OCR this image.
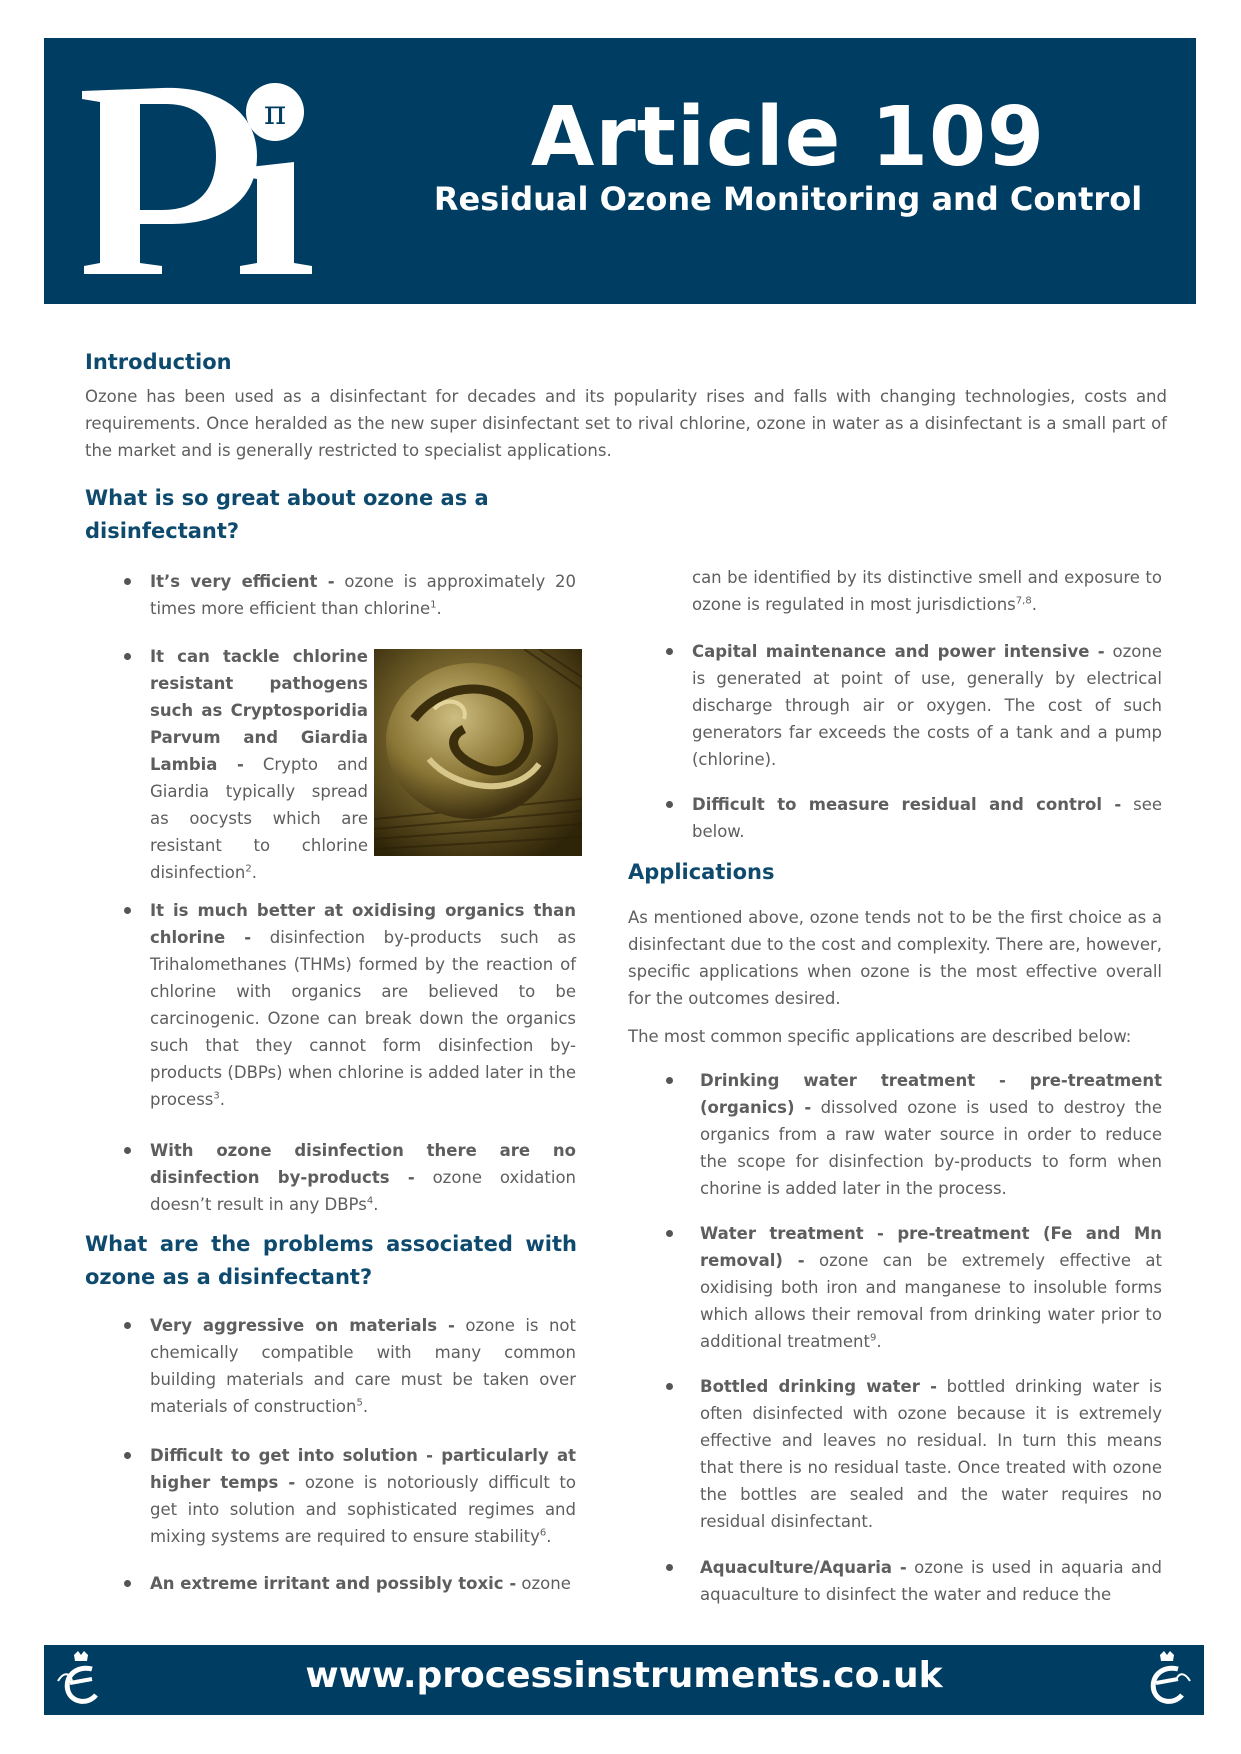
π	Article 109
Residual Ozone Monitoring and Control
Introduction

Ozone has been used as a disinfectant for decades and its popularity rises and falls with changing technologies, costs and requirements. Once heralded as the new super disinfectant set to rival chlorine, ozone in water as a disinfectant is a small part of the market and is generally restricted to specialist applications.

What is so great about ozone as a disinfectant?

It’s very efficient - ozone is approximately 20 times more efficient than chlorine$^1$.

It can tackle chlorine resistant pathogens such as Cryptosporidia Parvum and Giardia Lambia - Crypto and Giardia typically spread as oocysts which are resistant to chlorine disinfection$^2$.

It is much better at oxidising organics than chlorine - disinfection by-products such as Trihalomethanes (THMs) formed by the reaction of chlorine with organics are believed to be carcinogenic. Ozone can break down the organics such that they cannot form disinfection by-products (DBPs) when chlorine is added later in the process$^3$.

With ozone disinfection there are no disinfection by-products - ozone oxidation doesn’t result in any DBPs$^4$.

What are the problems associated with ozone as a disinfectant?

Very aggressive on materials - ozone is not chemically compatible with many common building materials and care must be taken over materials of construction$^5$.

Difficult to get into solution - particularly at higher temps - ozone is notoriously difficult to get into solution and sophisticated regimes and mixing systems are required to ensure stability$^6$.

An extreme irritant and possibly toxic - ozone

can be identified by its distinctive smell and exposure to ozone is regulated in most jurisdictions$^{7,8}$.

Capital maintenance and power intensive - ozone is generated at point of use, generally by electrical discharge through air or oxygen. The cost of such generators far exceeds the costs of a tank and a pump (chlorine).

Difficult to measure residual and control - see below.

Applications

As mentioned above, ozone tends not to be the first choice as a disinfectant due to the cost and complexity. There are, however, specific applications when ozone is the most effective overall for the outcomes desired.

The most common specific applications are described below:

Drinking water treatment - pre-treatment (organics) - dissolved ozone is used to destroy the organics from a raw water source in order to reduce the scope for disinfection by-products to form when chorine is added later in the process.

Water treatment - pre-treatment (Fe and Mn removal) - ozone can be extremely effective at oxidising both iron and manganese to insoluble forms which allows their removal from drinking water prior to additional treatment$^9$.

Bottled drinking water - bottled drinking water is often disinfected with ozone because it is extremely effective and leaves no residual. In turn this means that there is no residual taste. Once treated with ozone the bottles are sealed and the water requires no residual disinfectant.

Aquaculture/Aquaria - ozone is used in aquaria and aquaculture to disinfect the water and reduce the

www.processinstruments.co.uk
